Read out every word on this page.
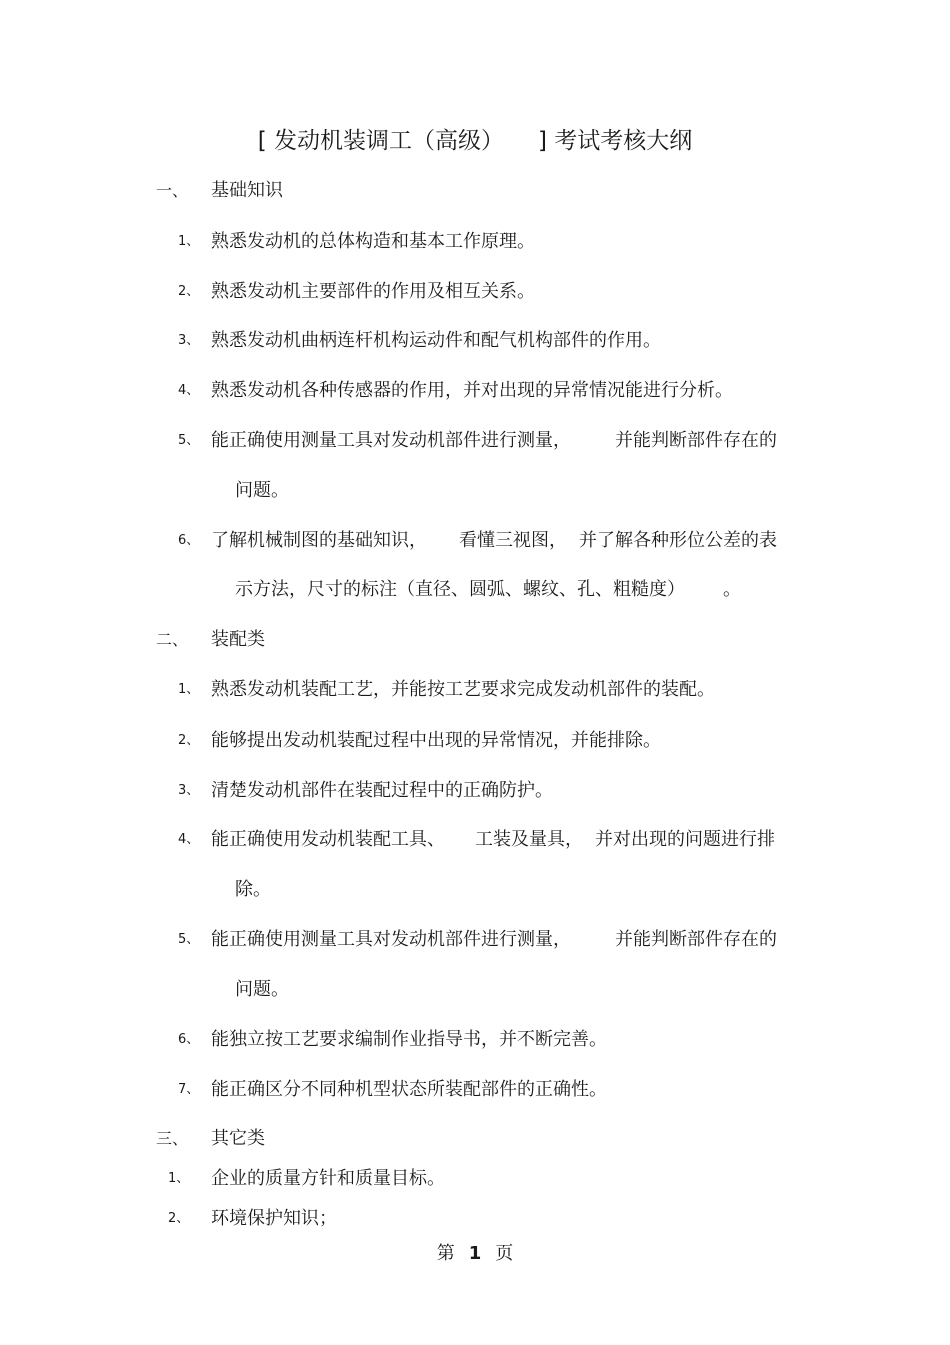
[ 发动机装调工（高级） ] 考试考核大纲
一、 基础知识
1、 熟悉发动机的总体构造和基本工作原理。
2、 熟悉发动机主要部件的作用及相互关系。
3、 熟悉发动机曲柄连杆机构运动件和配气机构部件的作用。
4、 熟悉发动机各种传感器的作用，并对出现的异常情况能进行分析。
5、 能正确使用测量工具对发动机部件进行测量， 并能判断部件存在的
问题。
6、 了解机械制图的基础知识， 看懂三视图， 并了解各种形位公差的表
示方法，尺寸的标注（直径、圆弧、螺纹、孔、粗糙度） 。
二、 装配类
1、 熟悉发动机装配工艺，并能按工艺要求完成发动机部件的装配。
2、 能够提出发动机装配过程中出现的异常情况，并能排除。
3、 清楚发动机部件在装配过程中的正确防护。
4、 能正确使用发动机装配工具、 工装及量具， 并对出现的问题进行排
除。
5、 能正确使用测量工具对发动机部件进行测量， 并能判断部件存在的
问题。
6、 能独立按工艺要求编制作业指导书，并不断完善。
7、 能正确区分不同种机型状态所装配部件的正确性。
三、 其它类
1、 企业的质量方针和质量目标。
2、 环境保护知识；
第 1 页
